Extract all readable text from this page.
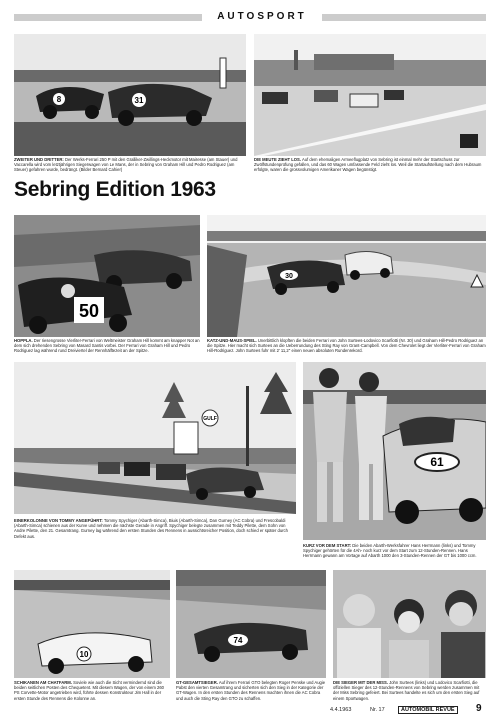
AUTOSPORT
8	31
ZWEITER UND DRITTER: Der Werks-Ferrari 250 P mit den Gralliker-Zwillings-Heckmotor mit Mairesse (am Stauer) und Vaccarella wird vom letztjährigen Siegerwagen von Le Mans, der in Sebring von Graham Hill und Pedro Rodriguez (am Steuer) gefahren wurde, bedrängt. (Bilder Bernard Cahier)
DIE MEUTE ZIEHT LOS. Auf dem ehemaligen Armeeflugplatz von Sebring ist einmal mehr der Startschuss zur Zwölfstundenprüfung gefallen, und das 60 Wagen umfassende Feld zieht los. Weil die Startaufstellung nach dem Hubraum erfolgte, waren die grossvolumigen Amerikaner Wagen begünstigt.
Sebring Edition 1963
50
30
HOPPLA. Der riesengrosse Vierliter-Ferrari von Weltmeister Graham Hill kommt am knapper Not an dem sich drehenden Sebring von Masard Santis vorbei. Der Ferrari von Graham Hill und Pedro Rodriguez lag während rund Dreiviertel der Rennhälftezeit an der Spitze.
KATZ-UND-MAUS-SPIEL. Unerbittlich klopften die beiden Ferrari von John Surtees-Lodovico Scarfiotti (Nr. 30) und Graham Hill-Pedro Rodriguez an die Spitze. Hier macht sich Surtees an die Ueberrundung des Sting Ray von Grant-Campbell. Von dem Chevrolet liegt der Vierliter-Ferrari von Graham Hill-Rodriguez. John Surtees fuhr mit 2' 11,2'' einen neuen absoluten Rundenrekord.
GULF
61
EINERKOLONNE VON TOMMY ANGEFÜHRT: Tommy Spychiger (Abarth-Simca), Biuis (Abarth-Simca), Dan Gurney (AC Cobra) und Frescobaldi (Abarth-Simca) schienen aus der Kurve und nehmen die nächste Gerade in Angriff. Spychiger belegte zusammen mit Teddy Pilette, dem Sohn von Andre Pilette, den 21. Gesamtrang. Gurney lag während den ersten Stunden des Rennens in aussichtsreicher Position, doch schied er später durch Defekt aus.
KURZ VOR DEM START: Die beiden Abarth-Werksfahrer Hans Herrmann (links) und Tommy Spychiger gehörten für die 4Ah- noch kurz vor dem Start zum 12-Stunden-Rennen. Hans Herrmann gewann am Vortage auf Abarth 1000 den 3-Stunden-Rennen der GT bis 1000 ccm.
10
74
SCHIKANEN AM CHATFARM. Soviele wie auch die Sicht vermindernd sind die beiden seitlichen Posten des Chequetent. Mit diesem Wagen, der von einem 260 PS Corvette-Motor angetrieben wird, führte dessen Konstrukteur Jim Hall in der ersten Stunde des Rennens die Kolonne an.
GT-GESAMTSIEGER. Auf ihrem Ferrari GTO belegten Roger Penske und Augie Pabst den vierten Gesamtrang und sicherten sich den Sieg in der Kategorie der GT-Wagen. In den ersten Stunden des Rennens machten ihnen die AC Cobra und auch die Sting Ray den GTO zu schaffen.
DIE SIEGER MIT DER MISS. John Surtees (links) und Lodovico Scarfiotti, die offiziellen Sieger des 12-Stunden-Rennens von Sebring werden zusammen mit der Miss Sebring gefeiert. Bei Surtees handelte es sich um den ersten Sieg auf einem Sportwagen.
4.4.1963	Nr. 17	AUTOMOBIL REVUE	9
